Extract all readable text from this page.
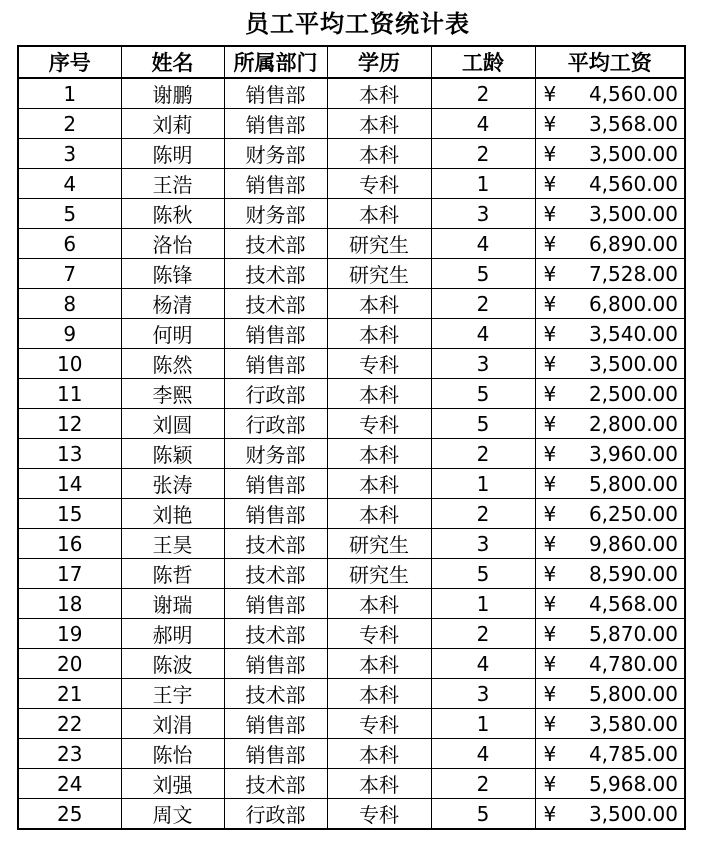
员工平均工资统计表
序号	姓名	所属部门	学历	工龄	平均工资
1	谢鹏	销售部	本科	2	¥ 4,560.00

2	刘莉	销售部	本科	4	¥ 3,568.00

3	陈明	财务部	本科	2	¥ 3,500.00

4	王浩	销售部	专科	1	¥ 4,560.00

5	陈秋	财务部	本科	3	¥ 3,500.00

6	洛怡	技术部	研究生	4	¥ 6,890.00

7	陈锋	技术部	研究生	5	¥ 7,528.00

8	杨清	技术部	本科	2	¥ 6,800.00

9	何明	销售部	本科	4	¥ 3,540.00

10	陈然	销售部	专科	3	¥ 3,500.00

11	李熙	行政部	本科	5	¥ 2,500.00

12	刘圆	行政部	专科	5	¥ 2,800.00

13	陈颖	财务部	本科	2	¥ 3,960.00

14	张涛	销售部	本科	1	¥ 5,800.00

15	刘艳	销售部	本科	2	¥ 6,250.00

16	王昊	技术部	研究生	3	¥ 9,860.00

17	陈哲	技术部	研究生	5	¥ 8,590.00

18	谢瑞	销售部	本科	1	¥ 4,568.00

19	郝明	技术部	专科	2	¥ 5,870.00

20	陈波	销售部	本科	4	¥ 4,780.00

21	王宇	技术部	本科	3	¥ 5,800.00

22	刘涓	销售部	专科	1	¥ 3,580.00

23	陈怡	销售部	本科	4	¥ 4,785.00

24	刘强	技术部	本科	2	¥ 5,968.00

25	周文	行政部	专科	5	¥ 3,500.00
